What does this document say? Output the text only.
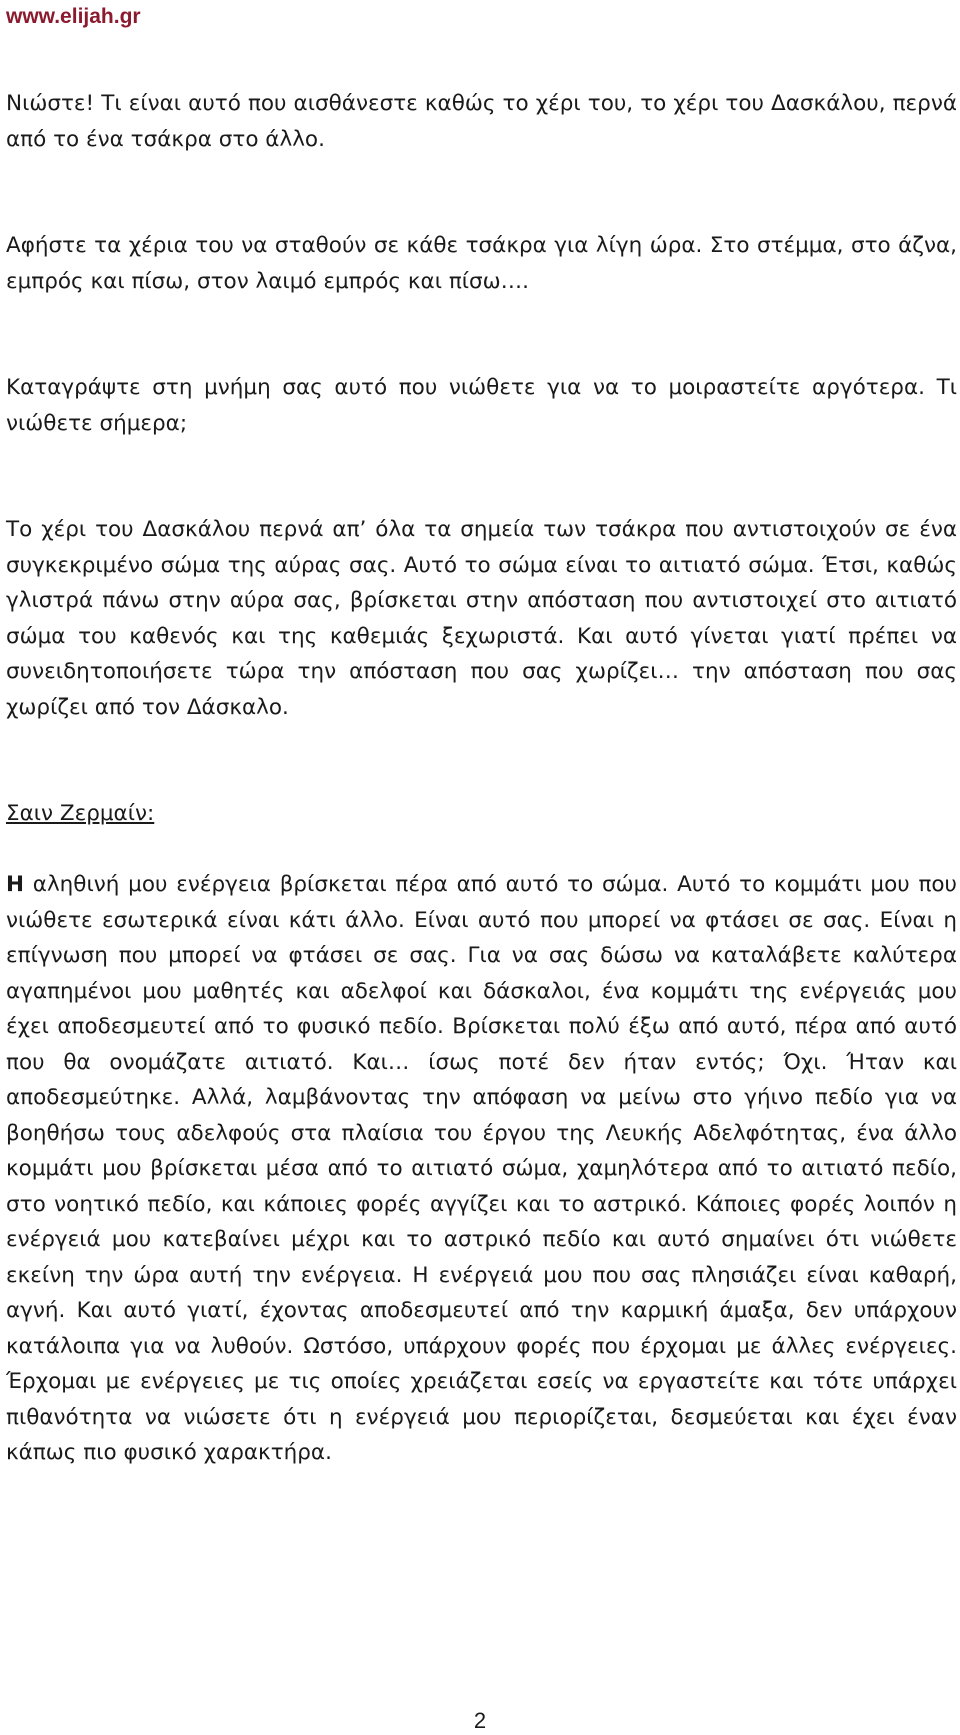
www.elijah.gr

Νιώστε! Τι είναι αυτό που αισθάνεστε καθώς το χέρι του, το χέρι του Δασκάλου, περνά από το ένα τσάκρα στο άλλο.

Αφήστε τα χέρια του να σταθούν σε κάθε τσάκρα για λίγη ώρα. Στο στέμμα, στο άζνα, εμπρός και πίσω, στον λαιμό εμπρός και πίσω….

Καταγράψτε στη μνήμη σας αυτό που νιώθετε για να το μοιραστείτε αργότερα. Τι νιώθετε σήμερα;

Το χέρι του Δασκάλου περνά απ’ όλα τα σημεία των τσάκρα που αντιστοιχούν σε ένα συγκεκριμένο σώμα της αύρας σας. Αυτό το σώμα είναι το αιτιατό σώμα. Έτσι, καθώς γλιστρά πάνω στην αύρα σας, βρίσκεται στην απόσταση που αντιστοιχεί στο αιτιατό σώμα του καθενός και της καθεμιάς ξεχωριστά. Και αυτό γίνεται γιατί πρέπει να συνειδητοποιήσετε τώρα την απόσταση που σας χωρίζει… την απόσταση που σας χωρίζει από τον Δάσκαλο.

Σαιν Ζερμαίν:

Η αληθινή μου ενέργεια βρίσκεται πέρα από αυτό το σώμα. Αυτό το κομμάτι μου που νιώθετε εσωτερικά είναι κάτι άλλο. Είναι αυτό που μπορεί να φτάσει σε σας. Είναι η επίγνωση που μπορεί να φτάσει σε σας. Για να σας δώσω να καταλάβετε καλύτερα αγαπημένοι μου μαθητές και αδελφοί και δάσκαλοι, ένα κομμάτι της ενέργειάς μου έχει αποδεσμευτεί από το φυσικό πεδίο. Βρίσκεται πολύ έξω από αυτό, πέρα από αυτό που θα ονομάζατε αιτιατό. Και… ίσως ποτέ δεν ήταν εντός; Όχι. Ήταν και αποδεσμεύτηκε. Αλλά, λαμβάνοντας την απόφαση να μείνω στο γήινο πεδίο για να βοηθήσω τους αδελφούς στα πλαίσια του έργου της Λευκής Αδελφότητας, ένα άλλο κομμάτι μου βρίσκεται μέσα από το αιτιατό σώμα, χαμηλότερα από το αιτιατό πεδίο, στο νοητικό πεδίο, και κάποιες φορές αγγίζει και το αστρικό. Κάποιες φορές λοιπόν η ενέργειά μου κατεβαίνει μέχρι και το αστρικό πεδίο και αυτό σημαίνει ότι νιώθετε εκείνη την ώρα αυτή την ενέργεια. Η ενέργειά μου που σας πλησιάζει είναι καθαρή, αγνή. Και αυτό γιατί, έχοντας αποδεσμευτεί από την καρμική άμαξα, δεν υπάρχουν κατάλοιπα για να λυθούν. Ωστόσο, υπάρχουν φορές που έρχομαι με άλλες ενέργειες. Έρχομαι με ενέργειες με τις οποίες χρειάζεται εσείς να εργαστείτε και τότε υπάρχει πιθανότητα να νιώσετε ότι η ενέργειά μου περιορίζεται, δεσμεύεται και έχει έναν κάπως πιο φυσικό χαρακτήρα.

2
